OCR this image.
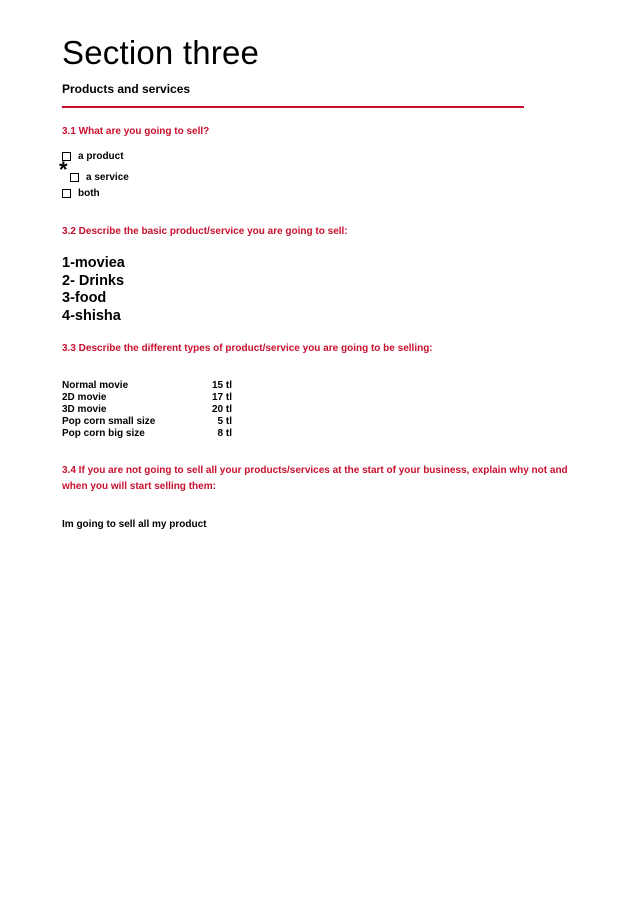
Section three
Products and services
3.1 What are you going to sell?
a product
* a service
both
3.2 Describe the basic product/service you are going to sell:
1-moviea
2- Drinks
3-food
4-shisha
3.3 Describe the different types of product/service you are going to be selling:
Normal movie	15 tl
2D movie	17 tl
3D movie	20 tl
Pop corn small size	5 tl
Pop corn big size	8 tl
3.4 If you are not going to sell all your products/services at the start of your business, explain why not and
when you will start selling them:
Im going to sell all my product
